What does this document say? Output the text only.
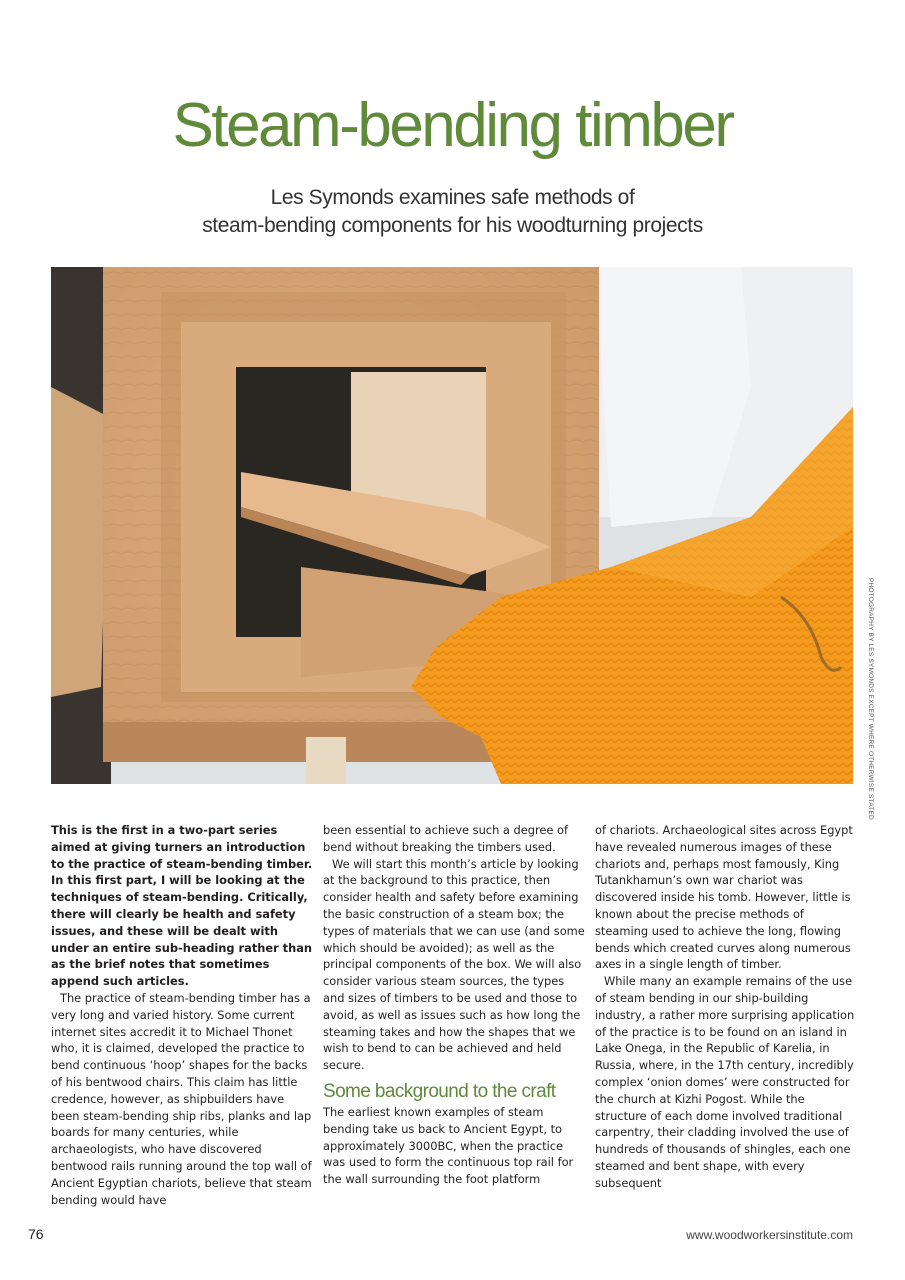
Steam-bending timber
Les Symonds examines safe methods of
steam-bending components for his woodturning projects
PHOTOGRAPHY BY LES SYMONDS EXCEPT WHERE OTHERWISE STATED

This is the first in a two-part series aimed at giving turners an introduction to the practice of steam-bending timber. In this first part, I will be looking at the techniques of steam-bending. Critically, there will clearly be health and safety issues, and these will be dealt with under an entire sub-heading rather than as the brief notes that sometimes append such articles.

The practice of steam-bending timber has a very long and varied history. Some current internet sites accredit it to Michael Thonet who, it is claimed, developed the practice to bend continuous ‘hoop’ shapes for the backs of his bentwood chairs. This claim has little credence, however, as shipbuilders have been steam-bending ship ribs, planks and lap boards for many centuries, while archaeologists, who have discovered bentwood rails running around the top wall of Ancient Egyptian chariots, believe that steam bending would have

been essential to achieve such a degree of bend without breaking the timbers used.

We will start this month’s article by looking at the background to this practice, then consider health and safety before examining the basic construction of a steam box; the types of materials that we can use (and some which should be avoided); as well as the principal components of the box. We will also consider various steam sources, the types and sizes of timbers to be used and those to avoid, as well as issues such as how long the steaming takes and how the shapes that we wish to bend to can be achieved and held secure.

Some background to the craft

The earliest known examples of steam bending take us back to Ancient Egypt, to approximately 3000BC, when the practice was used to form the continuous top rail for the wall surrounding the foot platform

of chariots. Archaeological sites across Egypt have revealed numerous images of these chariots and, perhaps most famously, King Tutankhamun’s own war chariot was discovered inside his tomb. However, little is known about the precise methods of steaming used to achieve the long, flowing bends which created curves along numerous axes in a single length of timber.

While many an example remains of the use of steam bending in our ship-building industry, a rather more surprising application of the practice is to be found on an island in Lake Onega, in the Republic of Karelia, in Russia, where, in the 17th century, incredibly complex ‘onion domes’ were constructed for the church at Kizhi Pogost. While the structure of each dome involved traditional carpentry, their cladding involved the use of hundreds of thousands of shingles, each one steamed and bent shape, with every subsequent

76	www.woodworkersinstitute.com
